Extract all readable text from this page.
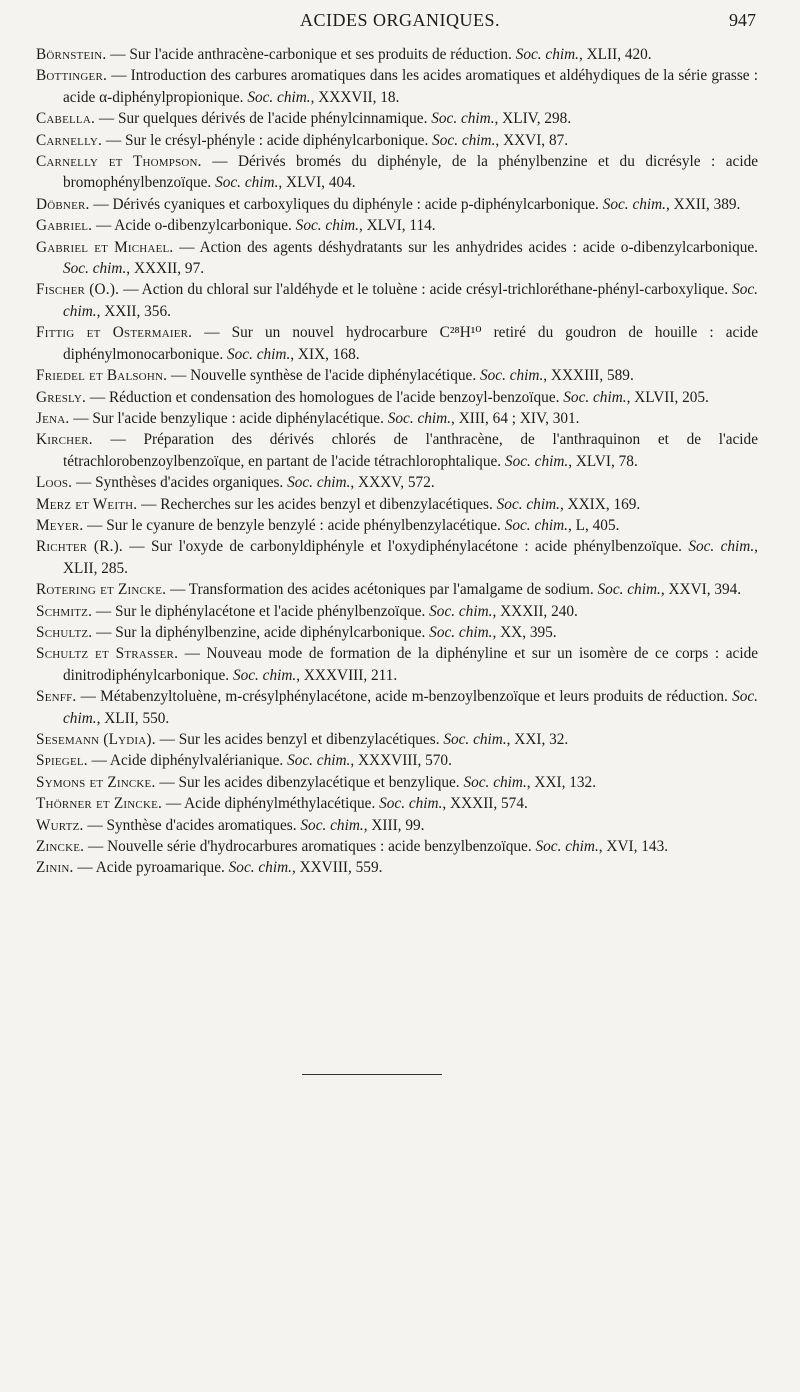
ACIDES ORGANIQUES.	947
Börnstein. — Sur l'acide anthracène-carbonique et ses produits de réduction. Soc. chim., XLII, 420.
Bottinger. — Introduction des carbures aromatiques dans les acides aromatiques et aldéhydiques de la série grasse : acide α-diphénylpropionique. Soc. chim., XXXVII, 18.
Cabella. — Sur quelques dérivés de l'acide phénylcinnamique. Soc. chim., XLIV, 298.
Carnelly. — Sur le crésyl-phényle : acide diphénylcarbonique. Soc. chim., XXVI, 87.
Carnelly et Thompson. — Dérivés bromés du diphényle, de la phénylbenzine et du dicrésyle : acide bromophénylbenzoïque. Soc. chim., XLVI, 404.
Döbner. — Dérivés cyaniques et carboxyliques du diphényle : acide p-diphénylcarbonique. Soc. chim., XXII, 389.
Gabriel. — Acide o-dibenzylcarbonique. Soc. chim., XLVI, 114.
Gabriel et Michael. — Action des agents déshydratants sur les anhydrides acides : acide o-dibenzylcarbonique. Soc. chim., XXXII, 97.
Fischer (O.). — Action du chloral sur l'aldéhyde et le toluène : acide crésyl-trichloréthane-phényl-carboxylique. Soc. chim., XXII, 356.
Fittig et Ostermaier. — Sur un nouvel hydrocarbure C²⁸H¹⁰ retiré du goudron de houille : acide diphénylmonocarbonique. Soc. chim., XIX, 168.
Friedel et Balsohn. — Nouvelle synthèse de l'acide diphénylacétique. Soc. chim., XXXIII, 589.
Gresly. — Réduction et condensation des homologues de l'acide benzoyl-benzoïque. Soc. chim., XLVII, 205.
Jena. — Sur l'acide benzylique : acide diphénylacétique. Soc. chim., XIII, 64 ; XIV, 301.
Kircher. — Préparation des dérivés chlorés de l'anthracène, de l'anthraquinon et de l'acide tétrachlorobenzoylbenzoïque, en partant de l'acide tétrachlorophtalique. Soc. chim., XLVI, 78.
Loos. — Synthèses d'acides organiques. Soc. chim., XXXV, 572.
Merz et Weith. — Recherches sur les acides benzyl et dibenzylacétiques. Soc. chim., XXIX, 169.
Meyer. — Sur le cyanure de benzyle benzylé : acide phénylbenzylacétique. Soc. chim., L, 405.
Richter (R.). — Sur l'oxyde de carbonyldiphényle et l'oxydiphénylacétone : acide phénylbenzoïque. Soc. chim., XLII, 285.
Rotering et Zincke. — Transformation des acides acétoniques par l'amalgame de sodium. Soc. chim., XXVI, 394.
Schmitz. — Sur le diphénylacétone et l'acide phénylbenzoïque. Soc. chim., XXXII, 240.
Schultz. — Sur la diphénylbenzine, acide diphénylcarbonique. Soc. chim., XX, 395.
Schultz et Strasser. — Nouveau mode de formation de la diphényline et sur un isomère de ce corps : acide dinitrodiphénylcarbonique. Soc. chim., XXXVIII, 211.
Senff. — Métabenzyltoluène, m-crésylphénylacétone, acide m-benzoylbenzoïque et leurs produits de réduction. Soc. chim., XLII, 550.
Sesemann (Lydia). — Sur les acides benzyl et dibenzylacétiques. Soc. chim., XXI, 32.
Spiegel. — Acide diphénylvalérianique. Soc. chim., XXXVIII, 570.
Symons et Zincke. — Sur les acides dibenzylacétique et benzylique. Soc. chim., XXI, 132.
Thörner et Zincke. — Acide diphénylméthylacétique. Soc. chim., XXXII, 574.
Wurtz. — Synthèse d'acides aromatiques. Soc. chim., XIII, 99.
Zincke. — Nouvelle série d'hydrocarbures aromatiques : acide benzylbenzoïque. Soc. chim., XVI, 143.
Zinin. — Acide pyroamarique. Soc. chim., XXVIII, 559.
